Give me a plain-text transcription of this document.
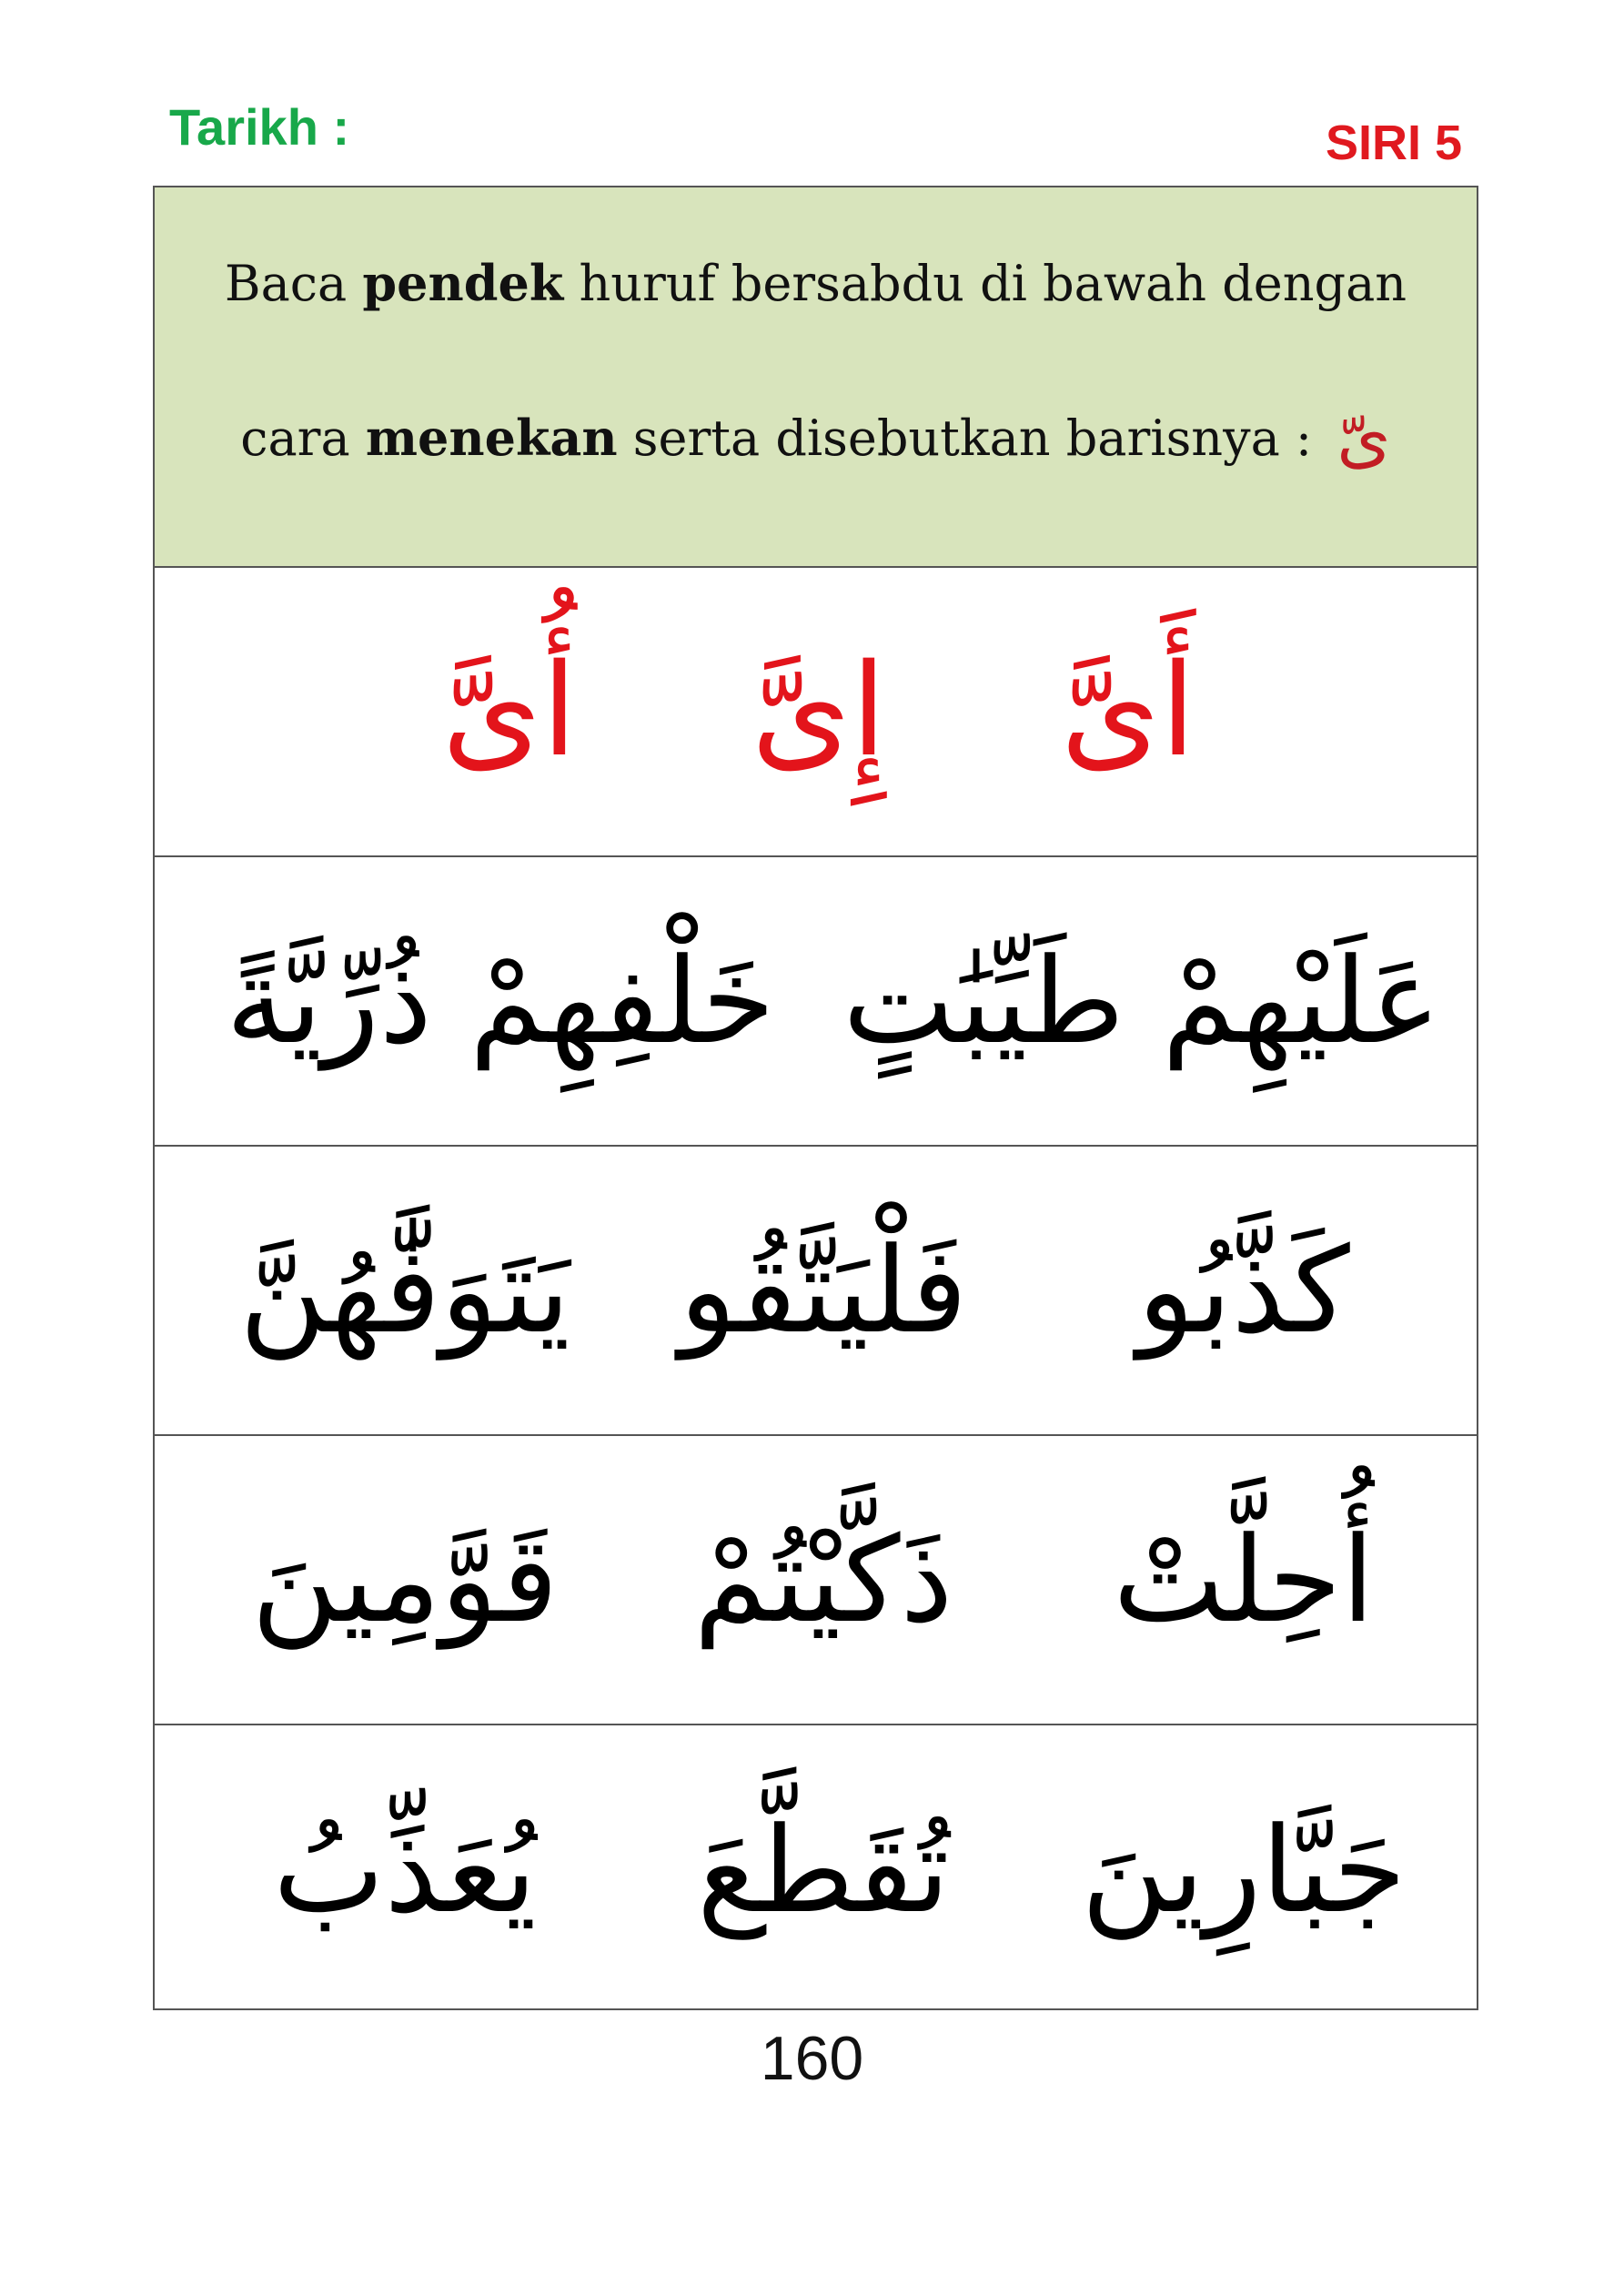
Tarikh :	SIRI 5
Baca pendek huruf bersabdu di bawah dengan
cara menekan serta disebutkan barisnya : ىّ
أَىَّ
إِىَّ
أُىَّ
عَلَيْهِمْ طَيِّبَٰتٍ
خَلْفِهِمْ ذُرِّيَّةً
كَذَّبُو
فَلْيَتَّقُو
يَتَوَفَّٰهُنَّ
أُحِلَّتْ
ذَكَّيْتُمْ
قَوَّمِينَ
جَبَّارِينَ
تُقَطَّعَ
يُعَذِّبُ
160
